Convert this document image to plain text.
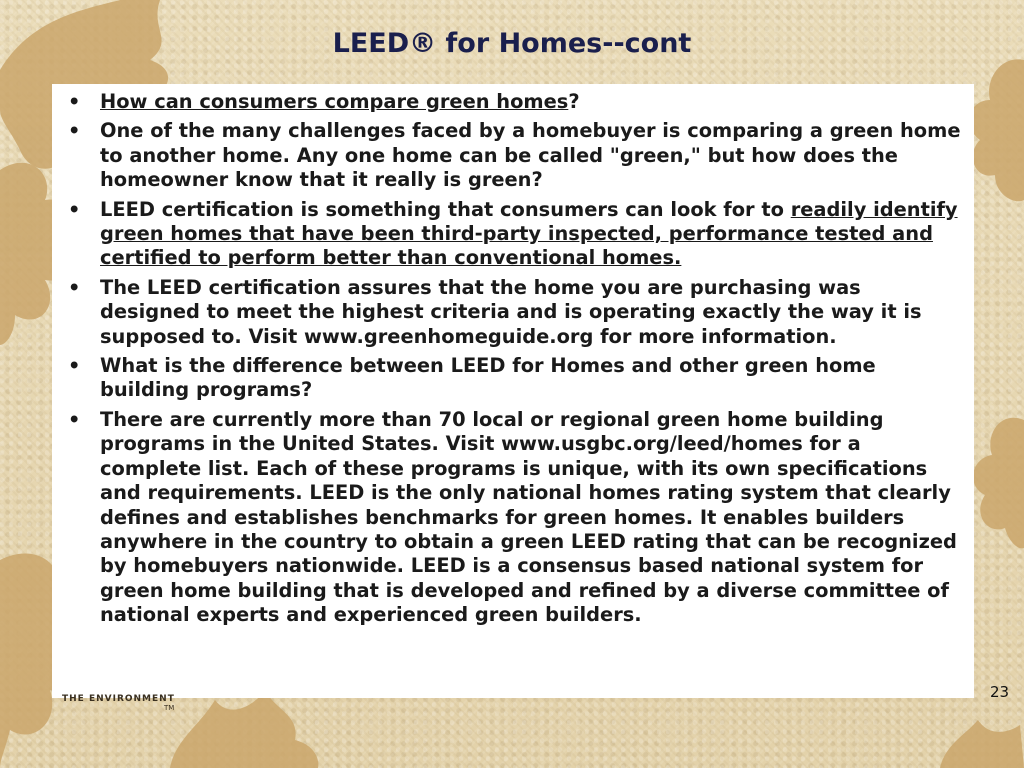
LEED® for Homes--cont
• How can consumers compare green homes?
• One of the many challenges faced by a homebuyer is comparing a green home to another home. Any one home can be called "green," but how does the homeowner know that it really is green?
• LEED certification is something that consumers can look for to readily identify green homes that have been third-party inspected, performance tested and certified to perform better than conventional homes.
• The LEED certification assures that the home you are purchasing was designed to meet the highest criteria and is operating exactly the way it is supposed to. Visit www.greenhomeguide.org for more information.
• What is the difference between LEED for Homes and other green home building programs?
• There are currently more than 70 local or regional green home building programs in the United States. Visit www.usgbc.org/leed/homes for a complete list. Each of these programs is unique, with its own specifications and requirements. LEED is the only national homes rating system that clearly defines and establishes benchmarks for green homes. It enables builders anywhere in the country to obtain a green LEED rating that can be recognized by homebuyers nationwide. LEED is a consensus based national system for green home building that is developed and refined by a diverse committee of national experts and experienced green builders.
THE ENVIRONMENT
TM
23
